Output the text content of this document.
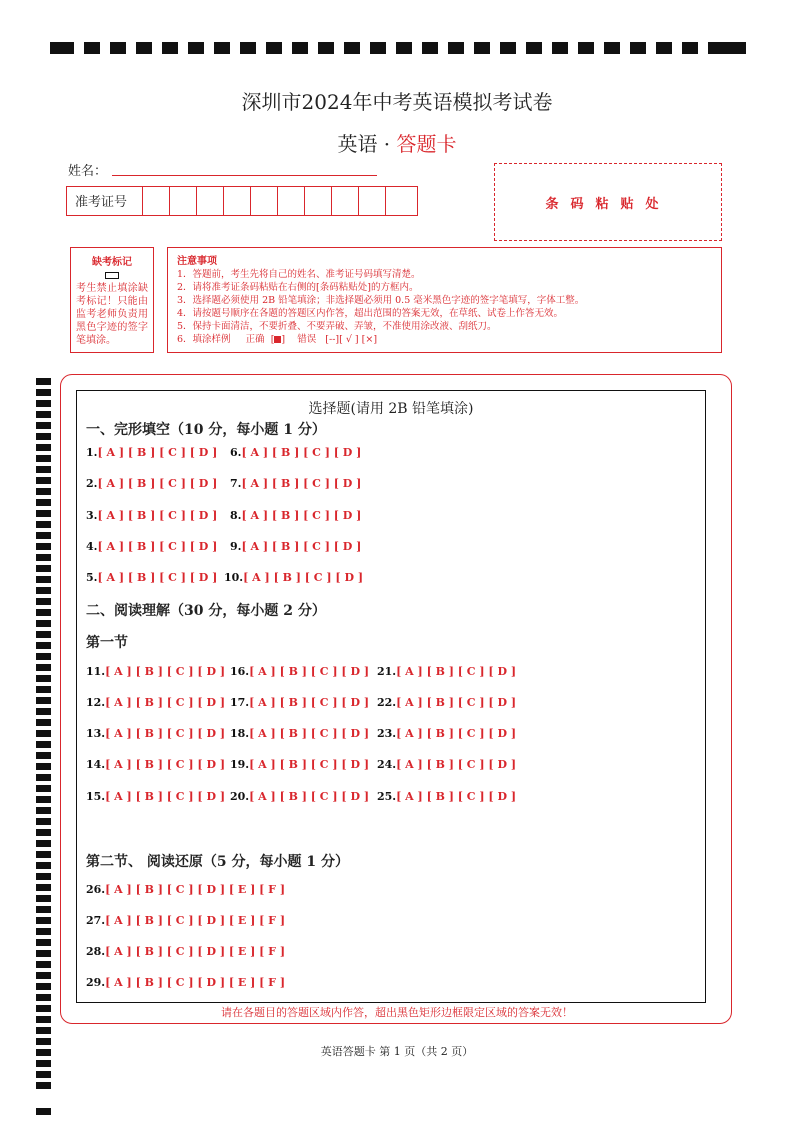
深圳市2024年中考英语模拟考试卷
英语 · 答题卡
姓名：
准考证号	条码粘贴处
缺考标记
考生禁止填涂缺考标记！只能由监考老师负责用黑色字迹的签字笔填涂。
注意事项
1．答题前，考生先将自己的姓名、准考证号码填写清楚。
2．请将准考证条码粘贴在右侧的[条码粘贴处]的方框内。
3．选择题必须使用 2B 铅笔填涂；非选择题必须用 0.5 毫米黑色字迹的签字笔填写，字体工整。
4．请按题号顺序在各题的答题区内作答，超出范围的答案无效，在草纸、试卷上作答无效。
5．保持卡面清洁，不要折叠、不要弄破、弄皱，不准使用涂改液、刮纸刀。
6．填涂样例 正确  [ ]    错误 [--][ √ ] [×]
选择题(请用 2B 铅笔填涂)
一、完形填空（10 分，每小题 1 分）
1.[ A ] [ B ] [ C ] [ D ]
2.[ A ] [ B ] [ C ] [ D ]
3.[ A ] [ B ] [ C ] [ D ]
4.[ A ] [ B ] [ C ] [ D ]
5.[ A ] [ B ] [ C ] [ D ]
6.[ A ] [ B ] [ C ] [ D ]
7.[ A ] [ B ] [ C ] [ D ]
8.[ A ] [ B ] [ C ] [ D ]
9.[ A ] [ B ] [ C ] [ D ]
10.[ A ] [ B ] [ C ] [ D ]
二、阅读理解（30 分，每小题 2 分）
第一节
11.[ A ] [ B ] [ C ] [ D ]
12.[ A ] [ B ] [ C ] [ D ]
13.[ A ] [ B ] [ C ] [ D ]
14.[ A ] [ B ] [ C ] [ D ]
15.[ A ] [ B ] [ C ] [ D ]
16.[ A ] [ B ] [ C ] [ D ]
17.[ A ] [ B ] [ C ] [ D ]
18.[ A ] [ B ] [ C ] [ D ]
19.[ A ] [ B ] [ C ] [ D ]
20.[ A ] [ B ] [ C ] [ D ]
21.[ A ] [ B ] [ C ] [ D ]
22.[ A ] [ B ] [ C ] [ D ]
23.[ A ] [ B ] [ C ] [ D ]
24.[ A ] [ B ] [ C ] [ D ]
25.[ A ] [ B ] [ C ] [ D ]
第二节、 阅读还原（5 分，每小题 1 分）
26.[ A ] [ B ] [ C ] [ D ] [ E ] [ F ]
27.[ A ] [ B ] [ C ] [ D ] [ E ] [ F ]
28.[ A ] [ B ] [ C ] [ D ] [ E ] [ F ]
29.[ A ] [ B ] [ C ] [ D ] [ E ] [ F ]
请在各题目的答题区域内作答，超出黑色矩形边框限定区域的答案无效！
英语答题卡 第 1 页（共 2 页）
